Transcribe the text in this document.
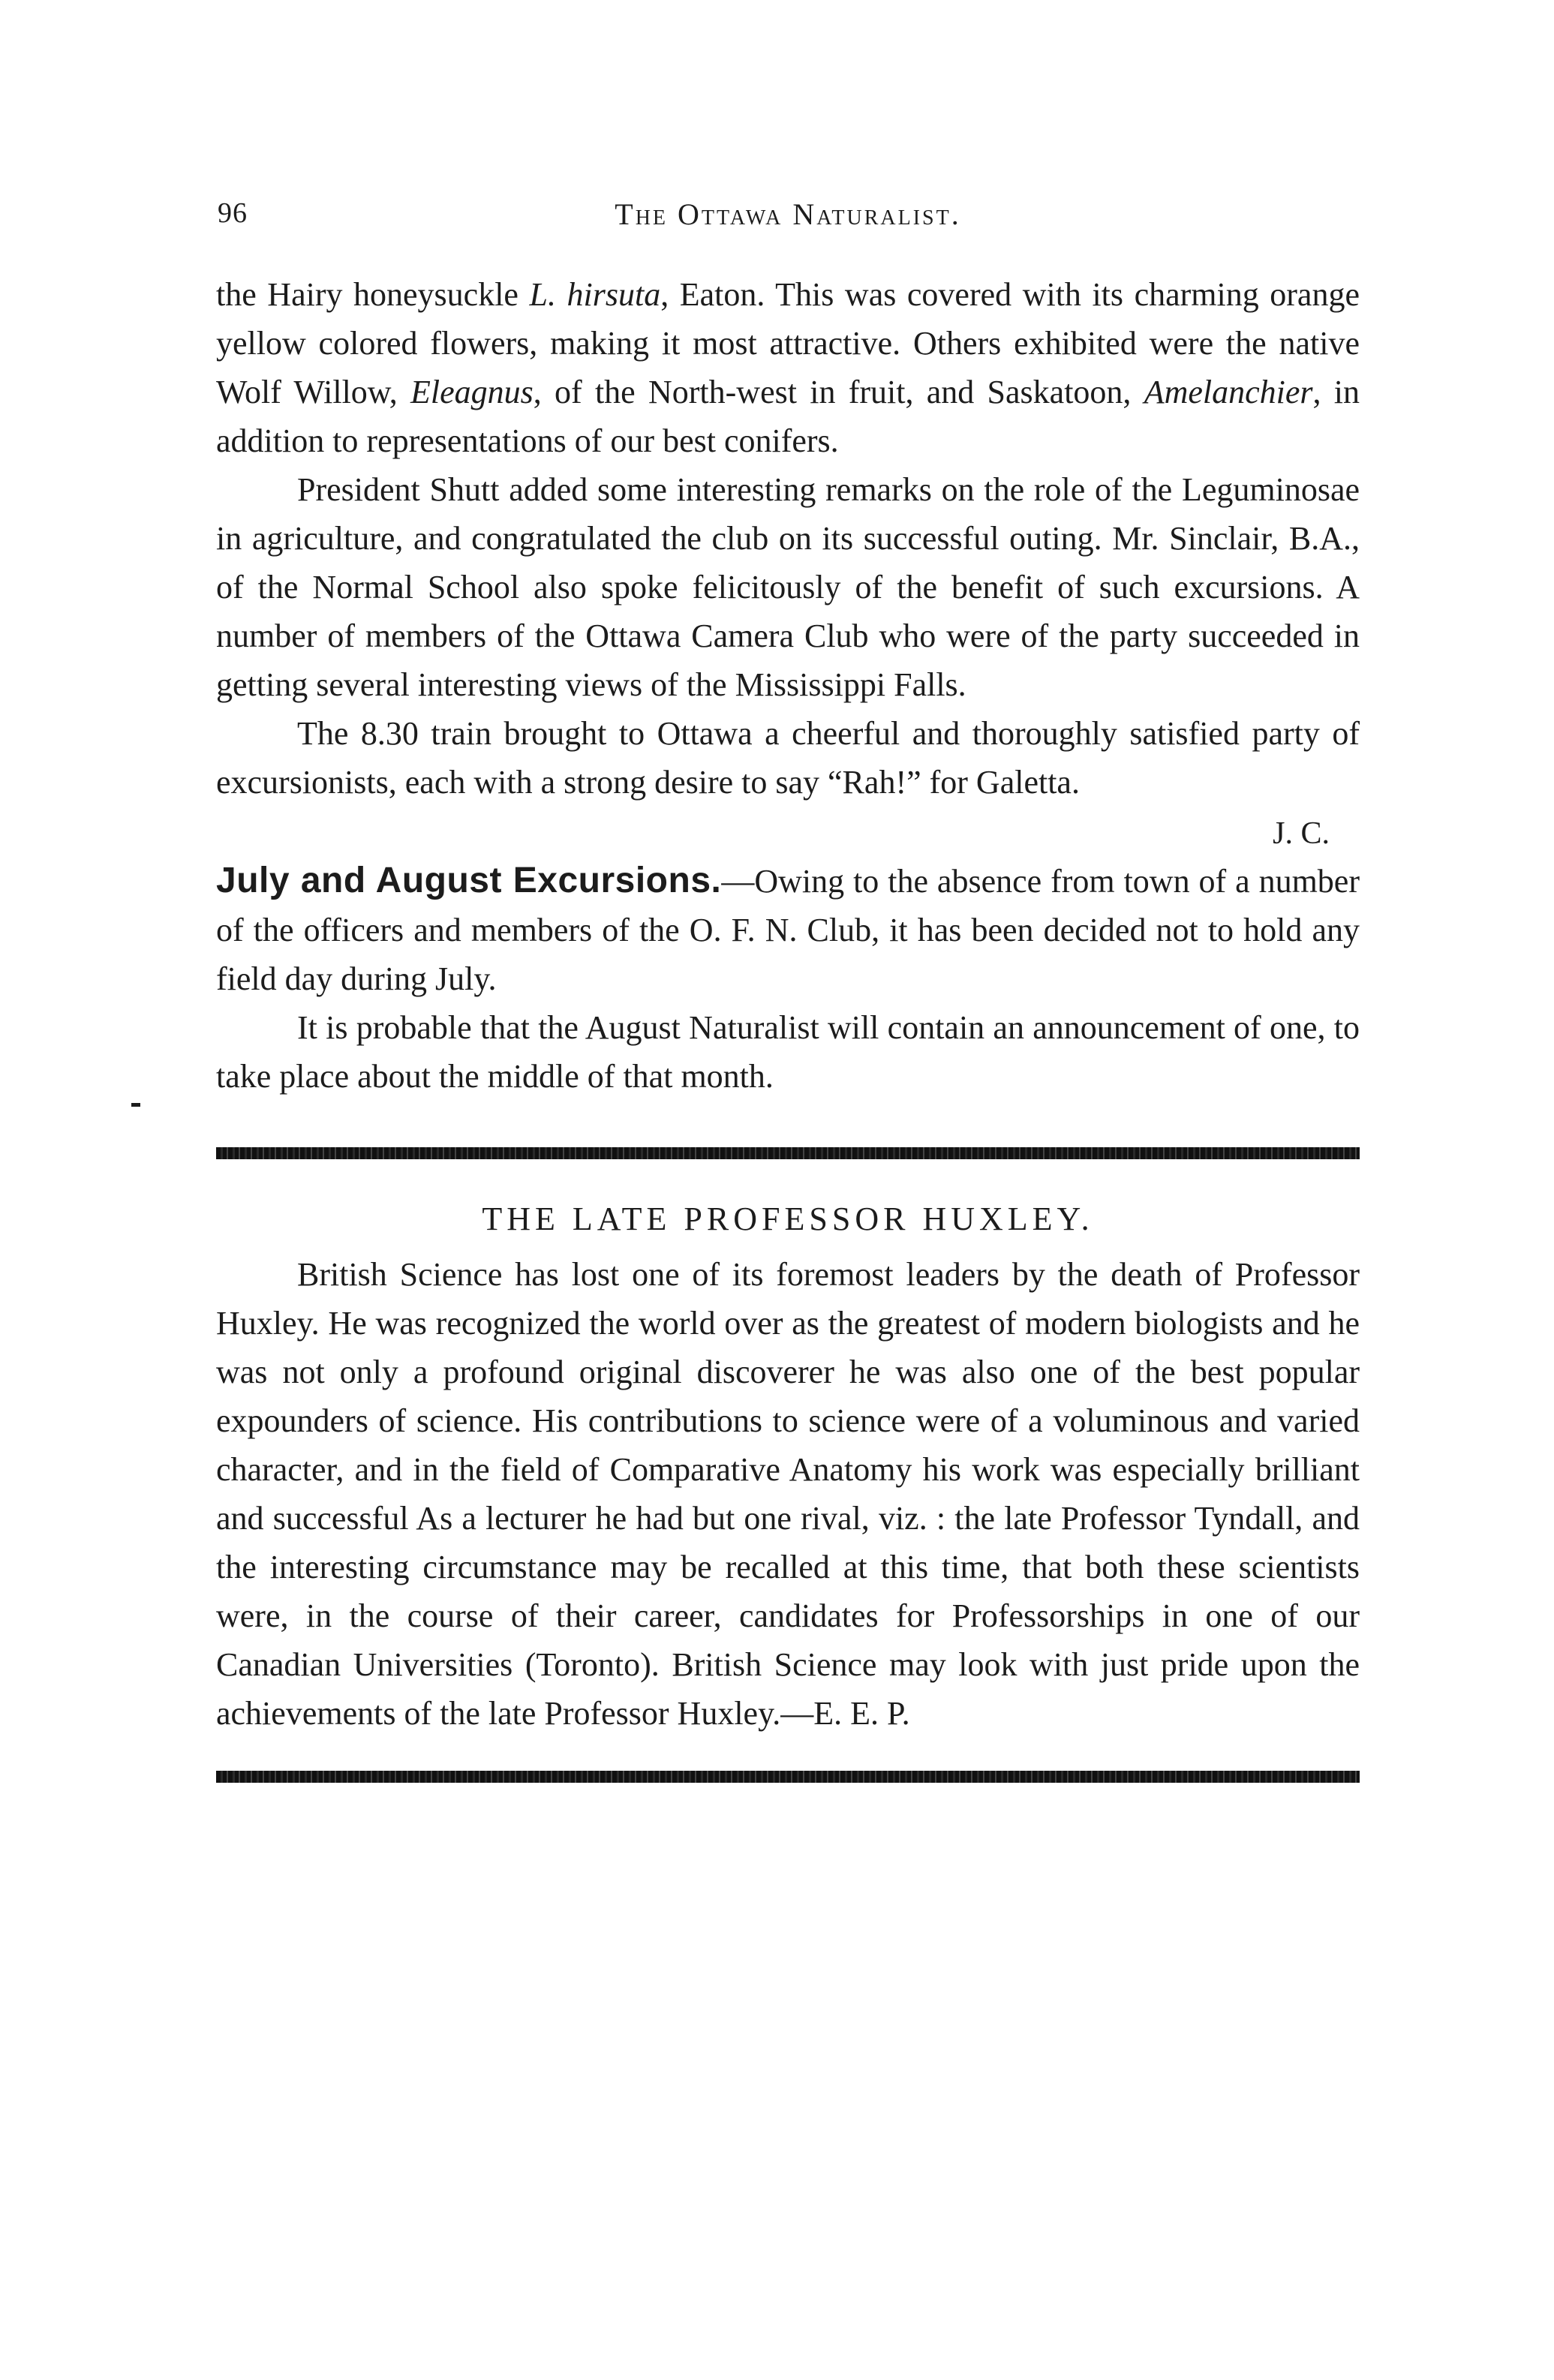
96	The Ottawa Naturalist.

the Hairy honeysuckle L. hirsuta, Eaton. This was covered with its charming orange yellow colored flowers, making it most attractive. Others exhibited were the native Wolf Willow, Eleagnus, of the North-west in fruit, and Saskatoon, Amelanchier, in addition to representations of our best conifers.

President Shutt added some interesting remarks on the role of the Leguminosae in agriculture, and congratulated the club on its successful outing. Mr. Sinclair, B.A., of the Normal School also spoke felicitously of the benefit of such excursions. A number of members of the Ottawa Camera Club who were of the party succeeded in getting several interesting views of the Mississippi Falls.

The 8.30 train brought to Ottawa a cheerful and thoroughly satisfied party of excursionists, each with a strong desire to say “Rah!” for Galetta.

J. C.

July and August Excursions.—Owing to the absence from town of a number of the officers and members of the O. F. N. Club, it has been decided not to hold any field day during July.

It is probable that the August Naturalist will contain an announcement of one, to take place about the middle of that month.

THE LATE PROFESSOR HUXLEY.

British Science has lost one of its foremost leaders by the death of Professor Huxley. He was recognized the world over as the greatest of modern biologists and he was not only a profound original discoverer he was also one of the best popular expounders of science. His contributions to science were of a voluminous and varied character, and in the field of Comparative Anatomy his work was especially brilliant and successful As a lecturer he had but one rival, viz. : the late Professor Tyndall, and the interesting circumstance may be recalled at this time, that both these scientists were, in the course of their career, candidates for Professorships in one of our Canadian Universities (Toronto). British Science may look with just pride upon the achievements of the late Professor Huxley.—E. E. P.
